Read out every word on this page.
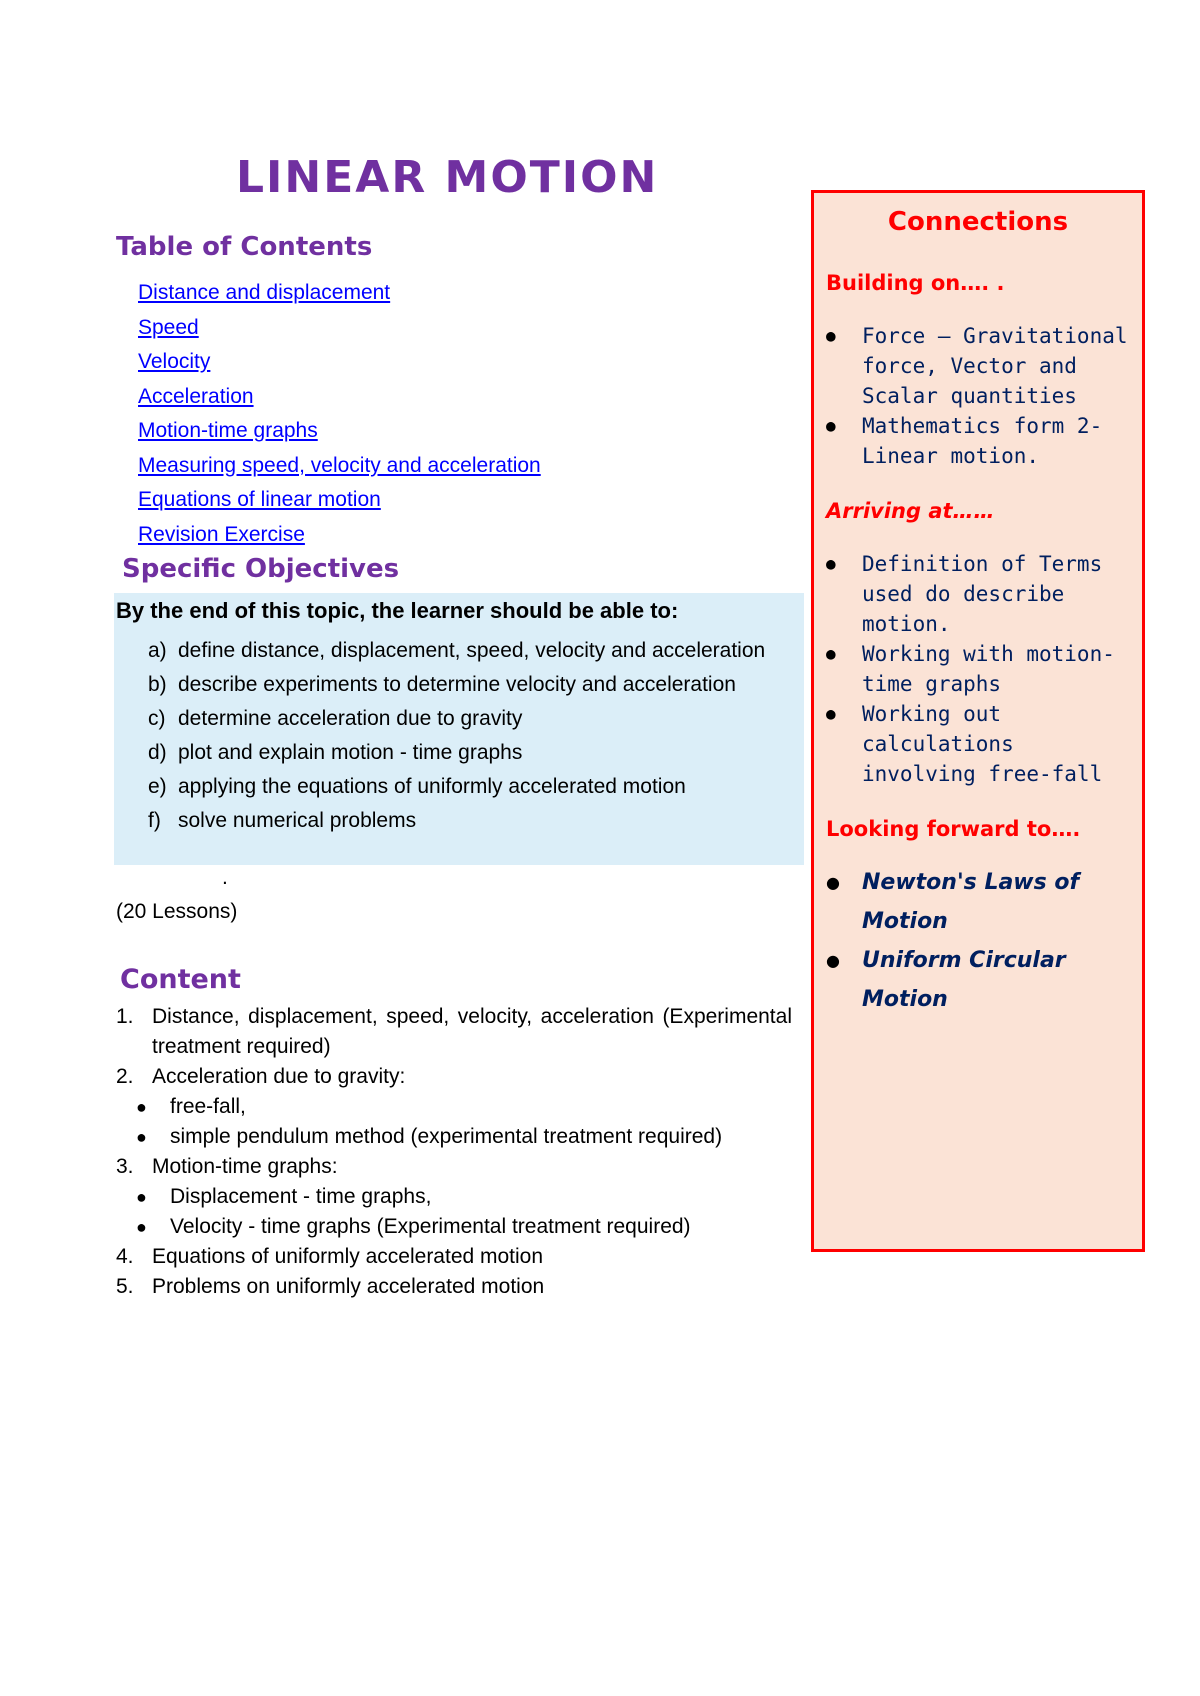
LINEAR MOTION
Table of Contents
Distance and displacement
Speed
Velocity
Acceleration
Motion-time graphs
Measuring speed, velocity and acceleration
Equations of linear motion
Revision Exercise
Specific Objectives

By the end of this topic, the learner should be able to:

a) define distance, displacement, speed, velocity and acceleration
b) describe experiments to determine velocity and acceleration
c) determine acceleration due to gravity
d) plot and explain motion - time graphs
e) applying the equations of uniformly accelerated motion
f) solve numerical problems

.

(20 Lessons)

Content
1. Distance, displacement, speed, velocity, acceleration (Experimental treatment required)
2. Acceleration due to gravity:
●	free-fall,
●	simple pendulum method (experimental treatment required)
3. Motion-time graphs:
●	Displacement - time graphs,
●	Velocity - time graphs (Experimental treatment required)
4. Equations of uniformly accelerated motion
5. Problems on uniformly accelerated motion

Connections

Building on…. .

●	Force – Gravitational force, Vector and Scalar quantities
●	Mathematics form 2- Linear motion.

Arriving at……

●	Definition of Terms used do describe motion.
●	Working with motion-time graphs
●	Working out calculations involving free-fall

Looking forward to….

●	Newton's Laws of Motion
●	Uniform Circular Motion
